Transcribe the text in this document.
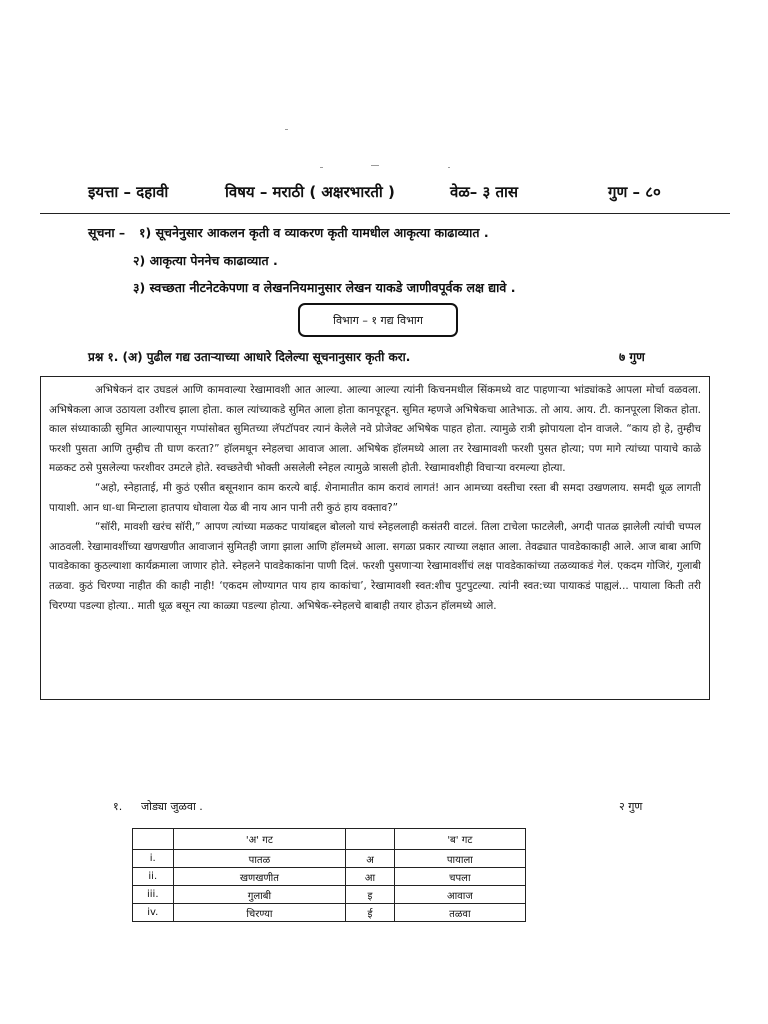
इयत्ता – दहावी	विषय – मराठी ( अक्षरभारती )	वेळ– ३ तास	गुण – ८०
सूचना – १) सूचनेनुसार आकलन कृती व व्याकरण कृती यामधील आकृत्या काढाव्यात .
२) आकृत्या पेननेच काढाव्यात .
३) स्वच्छता नीटनेटकेपणा व लेखननियमानुसार लेखन याकडे जाणीवपूर्वक लक्ष द्यावे .
विभाग – १ गद्य विभाग
प्रश्न १. (अ) पुढील गद्य उताऱ्याच्या आधारे दिलेल्या सूचनानुसार कृती करा.	७ गुण

अभिषेकनं दार उघडलं आणि कामवाल्या रेखामावशी आत आल्या. आल्या आल्या त्यांनी किचनमधील सिंकमध्ये वाट पाहणाऱ्या भांड्यांकडे आपला मोर्चा वळवला. अभिषेकला आज उठायला उशीरच झाला होता. काल त्यांच्याकडे सुमित आला होता कानपूरहून. सुमित म्हणजे अभिषेकचा आतेभाऊ. तो आय. आय. टी. कानपूरला शिकत होता. काल संध्याकाळी सुमित आल्यापासून गप्पांसोबत सुमितच्या लॅपटॉपवर त्यानं केलेले नवे प्रोजेक्ट अभिषेक पाहत होता. त्यामुळे रात्री झोपायला दोन वाजले. “काय हो हे, तुम्हीच फरशी पुसता आणि तुम्हीच ती घाण करता?” हॉलमधून स्नेहलचा आवाज आला. अभिषेक हॉलमध्ये आला तर रेखामावशी फरशी पुसत होत्या; पण मागे त्यांच्या पायाचे काळे मळकट ठसे पुसलेल्या फरशीवर उमटले होते. स्वच्छतेची भोक्ती असलेली स्नेहल त्यामुळे त्रासली होती. रेखामावशीही विचाऱ्या वरमल्या होत्या.

“अहो, स्नेहाताई, मी कुठं एसीत बसूनशान काम करत्ये बाई. शेनामातीत काम करावं लागतं! आन आमच्या वस्तीचा रस्ता बी समदा उखणलाय. समदी धूळ लागती पायाशी. आन धा-धा मिन्टाला हातपाय धोवाला येळ बी नाय आन पानी तरी कुठं हाय वक्ताव?”

“सॉरी, मावशी खरंच सॉरी,” आपण त्यांच्या मळकट पायांबद्दल बोललो याचं स्नेहललाही कसंतरी वाटलं. तिला टाचेला फाटलेली, अगदी पातळ झालेली त्यांची चप्पल आठवली. रेखामावशींच्या खणखणीत आवाजानं सुमितही जागा झाला आणि हॉलमध्ये आला. सगळा प्रकार त्याच्या लक्षात आला. तेवढ्यात पावडेकाकाही आले. आज बाबा आणि पावडेकाका कुठल्याशा कार्यक्रमाला जाणार होते. स्नेहलने पावडेकाकांना पाणी दिलं. फरशी पुसणाऱ्या रेखामावशींचं लक्ष पावडेकाकांच्या तळव्याकडं गेलं. एकदम गोजिरं, गुलाबी तळवा. कुठं चिरण्या नाहीत की काही नाही! ‘एकदम लोण्यागत पाय हाय काकांचा’, रेखामावशी स्वत:शीच पुटपुटल्या. त्यांनी स्वत:च्या पायाकडं पाह्यलं... पायाला किती तरी चिरण्या पडल्या होत्या.. माती धूळ बसून त्या काळ्या पडल्या होत्या. अभिषेक-स्नेहलचे बाबाही तयार होऊन हॉलमध्ये आले.

१. जोड्या जुळवा .	२ गुण
	'अ' गट		'ब' गट
i.	पातळ	अ	पायाला
ii.	खणखणीत	आ	चपला
iii.	गुलाबी	इ	आवाज
iv.	चिरण्या	ई	तळवा
